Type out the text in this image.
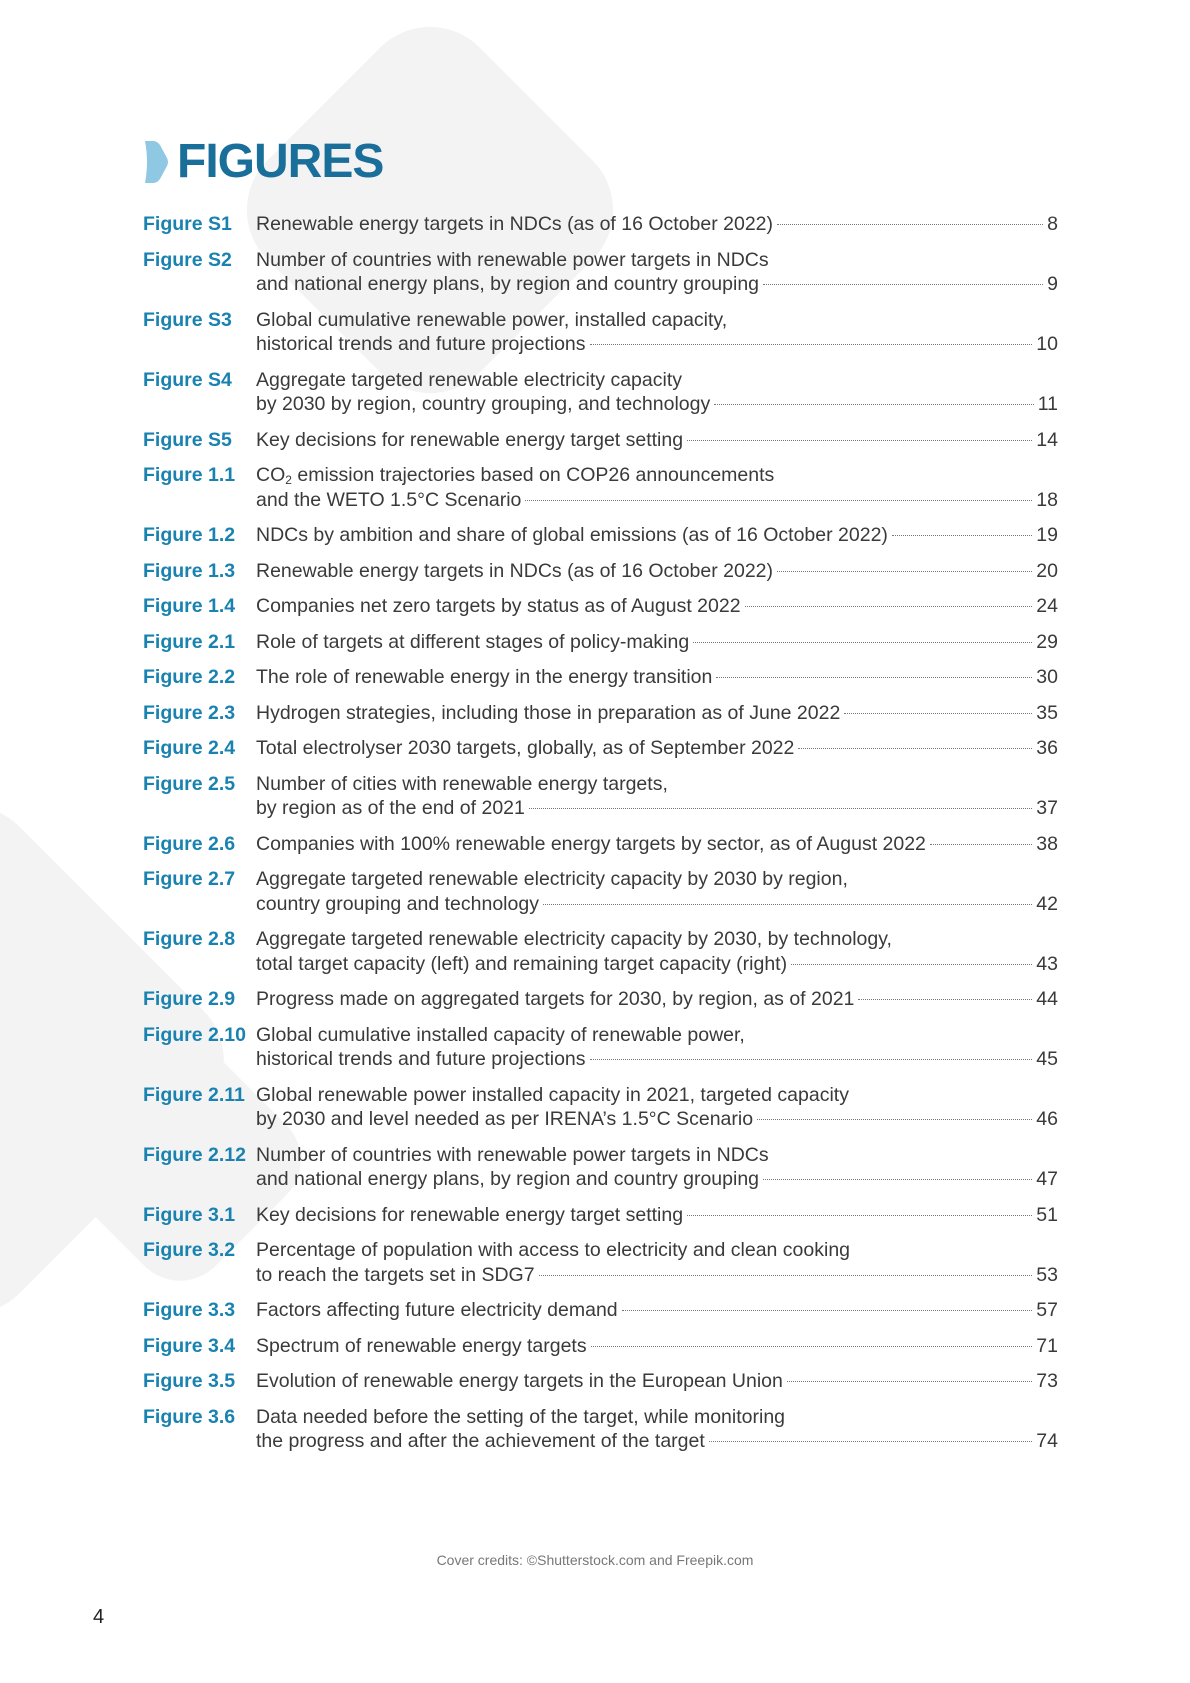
FIGURES
Figure S1	Renewable energy targets in NDCs (as of 16 October 2022)	8
Figure S2	Number of countries with renewable power targets in NDCs
and national energy plans, by region and country grouping	9
Figure S3	Global cumulative renewable power, installed capacity,
historical trends and future projections	10
Figure S4	Aggregate targeted renewable electricity capacity
by 2030 by region, country grouping, and technology	11
Figure S5	Key decisions for renewable energy target setting	14
Figure 1.1	$CO_2$ emission trajectories based on COP26 announcements
and the WETO 1.5°C Scenario	18
Figure 1.2	NDCs by ambition and share of global emissions (as of 16 October 2022)	19
Figure 1.3	Renewable energy targets in NDCs (as of 16 October 2022)	20
Figure 1.4	Companies net zero targets by status as of August 2022	24
Figure 2.1	Role of targets at different stages of policy-making	29
Figure 2.2	The role of renewable energy in the energy transition	30
Figure 2.3	Hydrogen strategies, including those in preparation as of June 2022	35
Figure 2.4	Total electrolyser 2030 targets, globally, as of September 2022	36
Figure 2.5	Number of cities with renewable energy targets,
by region as of the end of 2021	37
Figure 2.6	Companies with 100% renewable energy targets by sector, as of August 2022	38
Figure 2.7	Aggregate targeted renewable electricity capacity by 2030 by region,
country grouping and technology	42
Figure 2.8	Aggregate targeted renewable electricity capacity by 2030, by technology,
total target capacity (left) and remaining target capacity (right)	43
Figure 2.9	Progress made on aggregated targets for 2030, by region, as of 2021	44
Figure 2.10 Global cumulative installed capacity of renewable power,
historical trends and future projections	45
Figure 2.11 Global renewable power installed capacity in 2021, targeted capacity
by 2030 and level needed as per IRENA’s 1.5°C Scenario	46
Figure 2.12 Number of countries with renewable power targets in NDCs
and national energy plans, by region and country grouping	47
Figure 3.1	Key decisions for renewable energy target setting	51
Figure 3.2	Percentage of population with access to electricity and clean cooking
to reach the targets set in SDG7	53
Figure 3.3	Factors affecting future electricity demand	57
Figure 3.4	Spectrum of renewable energy targets	71
Figure 3.5	Evolution of renewable energy targets in the European Union	73
Figure 3.6	Data needed before the setting of the target, while monitoring
the progress and after the achievement of the target	74
Cover credits: ©Shutterstock.com and Freepik.com
4
